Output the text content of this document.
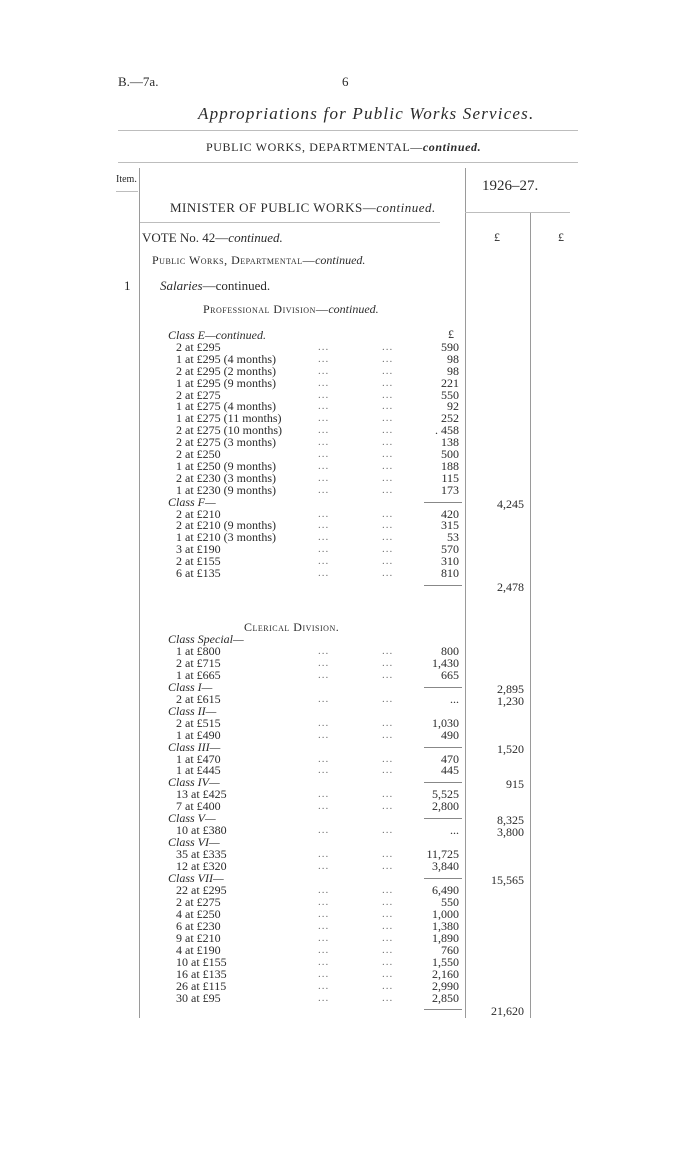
B.—7a.	6
Appropriations for Public Works Services.
PUBLIC WORKS, DEPARTMENTAL—continued.
Item.	1926–27.
£	£
MINISTER OF PUBLIC WORKS—continued.
VOTE No. 42—continued.
Public Works, Departmental—continued.
1 Salaries—continued.
Professional Division—continued.
£
Class E—continued.
2 at £295	...	...	590
1 at £295 (4 months)	...	...	98
2 at £295 (2 months)	...	...	98
1 at £295 (9 months)	...	...	221
2 at £275	...	...	550
1 at £275 (4 months)	...	...	92
1 at £275 (11 months)	...	...	252
2 at £275 (10 months)	...	...	. 458
2 at £275 (3 months)	...	...	138
2 at £250	...	...	500
1 at £250 (9 months)	...	...	188
2 at £230 (3 months)	...	...	115
1 at £230 (9 months)	...	...	173
Class F—	4,245
2 at £210	...	...	420
2 at £210 (9 months)	...	...	315
1 at £210 (3 months)	...	...	53
3 at £190	...	...	570
2 at £155	...	...	310
6 at £135	...	...	810
2,478
Clerical Division.
Class Special—
1 at £800	...	...	800
2 at £715	...	...	1,430
1 at £665	...	...	665
Class I—	2,895
2 at £615	...	...	...	1,230
Class II—
2 at £515	...	...	1,030
1 at £490	...	...	490
Class III—	1,520
1 at £470	...	...	470
1 at £445	...	...	445
Class IV—	915
13 at £425	...	...	5,525
7 at £400	...	...	2,800
Class V—	8,325
10 at £380	...	...	...	3,800
Class VI—
35 at £335	...	...	11,725
12 at £320	...	...	3,840
Class VII—	15,565
22 at £295	...	...	6,490
2 at £275	...	...	550
4 at £250	...	...	1,000
6 at £230	...	...	1,380
9 at £210	...	...	1,890
4 at £190	...	...	760
10 at £155	...	...	1,550
16 at £135	...	...	2,160
26 at £115	...	...	2,990
30 at £95	...	...	2,850
21,620
